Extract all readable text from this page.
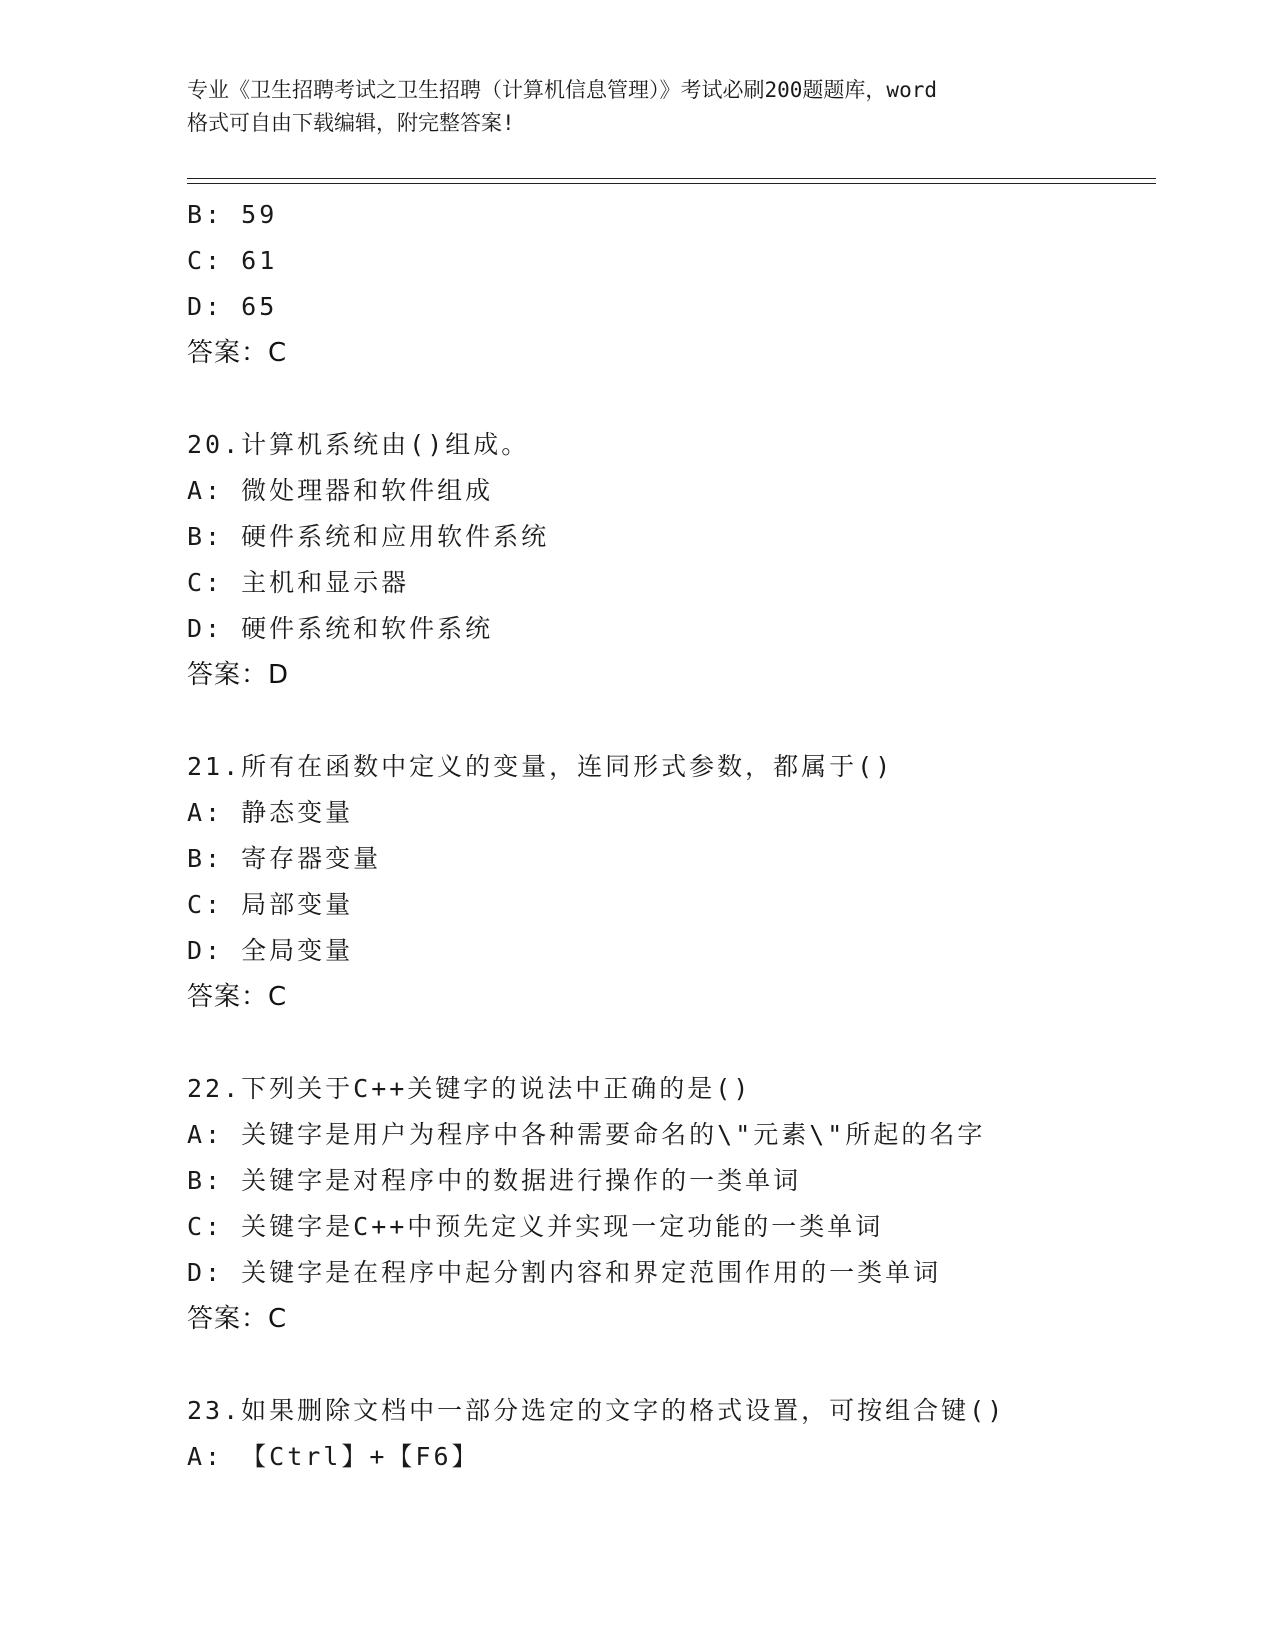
专业《卫生招聘考试之卫生招聘（计算机信息管理）》考试必刷200题题库，word
格式可自由下载编辑，附完整答案!
B: 59
C: 61
D: 65
答案：C
20.计算机系统由()组成。
A: 微处理器和软件组成
B: 硬件系统和应用软件系统
C: 主机和显示器
D: 硬件系统和软件系统
答案：D
21.所有在函数中定义的变量，连同形式参数，都属于()
A: 静态变量
B: 寄存器变量
C: 局部变量
D: 全局变量
答案：C
22.下列关于C++关键字的说法中正确的是()
A: 关键字是用户为程序中各种需要命名的\"元素\"所起的名字
B: 关键字是对程序中的数据进行操作的一类单词
C: 关键字是C++中预先定义并实现一定功能的一类单词
D: 关键字是在程序中起分割内容和界定范围作用的一类单词
答案：C
23.如果删除文档中一部分选定的文字的格式设置，可按组合键()
A: 【Ctrl】+【F6】
